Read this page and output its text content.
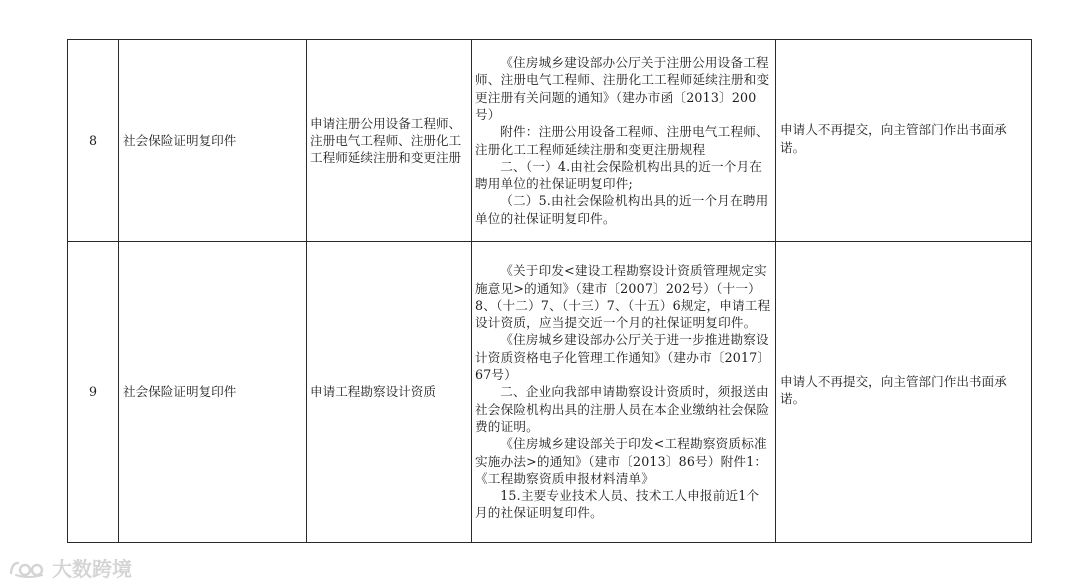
8	社会保险证明复印件	申请注册公用设备工程师、注册电气工程师、注册化工工程师延续注册和变更注册	《住房城乡建设部办公厅关于注册公用设备工程师、注册电气工程师、注册化工工程师延续注册和变更注册有关问题的通知》（建办市函〔2013〕200号）

附件：注册公用设备工程师、注册电气工程师、注册化工工程师延续注册和变更注册规程

二、（一）4.由社会保险机构出具的近一个月在聘用单位的社保证明复印件;

（二）5.由社会保险机构出具的近一个月在聘用单位的社保证明复印件。	申请人不再提交，向主管部门作出书面承诺。

9	社会保险证明复印件	申请工程勘察设计资质	《关于印发<建设工程勘察设计资质管理规定实施意见>的通知》（建市〔2007〕202号）（十一）8、（十二）7、（十三）7、（十五）6规定，申请工程设计资质，应当提交近一个月的社保证明复印件。

《住房城乡建设部办公厅关于进一步推进勘察设计资质资格电子化管理工作通知》（建办市〔2017〕67号）

二、企业向我部申请勘察设计资质时，须报送由社会保险机构出具的注册人员在本企业缴纳社会保险费的证明。

《住房城乡建设部关于印发<工程勘察资质标准实施办法>的通知》（建市〔2013〕86号）附件1：《工程勘察资质申报材料清单》

15.主要专业技术人员、技术工人申报前近1个月的社保证明复印件。	申请人不再提交，向主管部门作出书面承诺。

大数跨境
